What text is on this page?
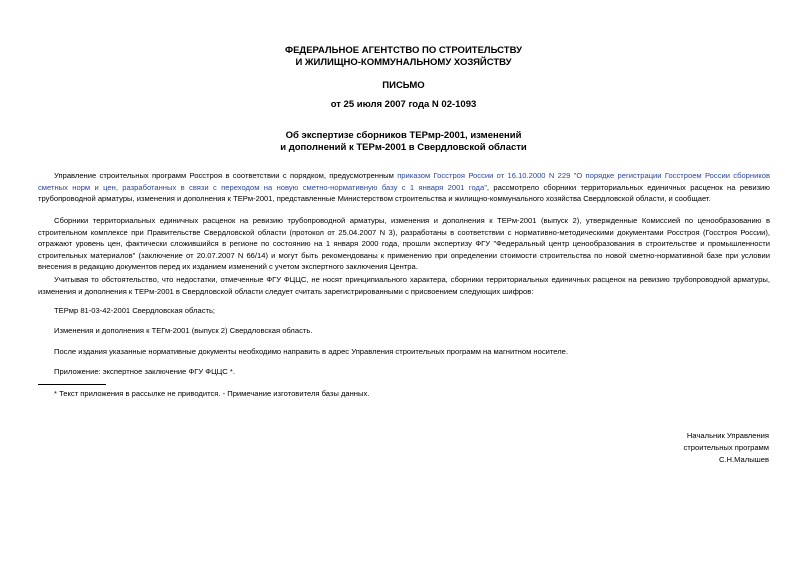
ФЕДЕРАЛЬНОЕ АГЕНТСТВО ПО СТРОИТЕЛЬСТВУ
И ЖИЛИЩНО-КОММУНАЛЬНОМУ ХОЗЯЙСТВУ
ПИСЬМО
от 25 июля 2007 года N 02-1093
Об экспертизе сборников ТЕРмр-2001, изменений
и дополнений к ТЕРм-2001 в Свердловской области
Управление строительных программ Росстроя в соответствии с порядком, предусмотренным приказом Госстроя России от 16.10.2000 N 229 "О порядке регистрации Госстроем России сборников сметных норм и цен, разработанных в связи с переходом на новую сметно-нормативную базу с 1 января 2001 года", рассмотрело сборники территориальных единичных расценок на ревизию трубопроводной арматуры, изменения и дополнения к ТЕРм-2001, представленные Министерством строительства и жилищно-коммунального хозяйства Свердловской области, и сообщает.
Сборники территориальных единичных расценок на ревизию трубопроводной арматуры, изменения и дополнения к ТЕРм-2001 (выпуск 2), утвержденные Комиссией по ценообразованию в строительном комплексе при Правительстве Свердловской области (протокол от 25.04.2007 N 3), разработаны в соответствии с нормативно-методическими документами Росстроя (Госстроя России), отражают уровень цен, фактически сложившийся в регионе по состоянию на 1 января 2000 года, прошли экспертизу ФГУ "Федеральный центр ценообразования в строительстве и промышленности строительных материалов" (заключение от 20.07.2007 N 66/14) и могут быть рекомендованы к применению при определении стоимости строительства по новой сметно-нормативной базе при условии внесения в редакцию документов перед их изданием изменений с учетом экспертного заключения Центра.
Учитывая то обстоятельство, что недостатки, отмеченные ФГУ ФЦЦС, не носят принципиального характера, сборники территориальных единичных расценок на ревизию трубопроводной арматуры, изменения и дополнения к ТЕРм-2001 в Свердловской области следует считать зарегистрированными с присвоением следующих шифров:
ТЕРмр 81-03-42-2001 Свердловская область;
Изменения и дополнения к ТЕГм-2001 (выпуск 2) Свердловская область.
После издания указанные нормативные документы необходимо направить в адрес Управления строительных программ на магнитном носителе.
Приложение: экспертное заключение ФГУ ФЦЦС *.
* Текст приложения в рассылке не приводится. - Примечание изготовителя базы данных.
Начальник Управления
строительных программ
С.Н.Малышев
